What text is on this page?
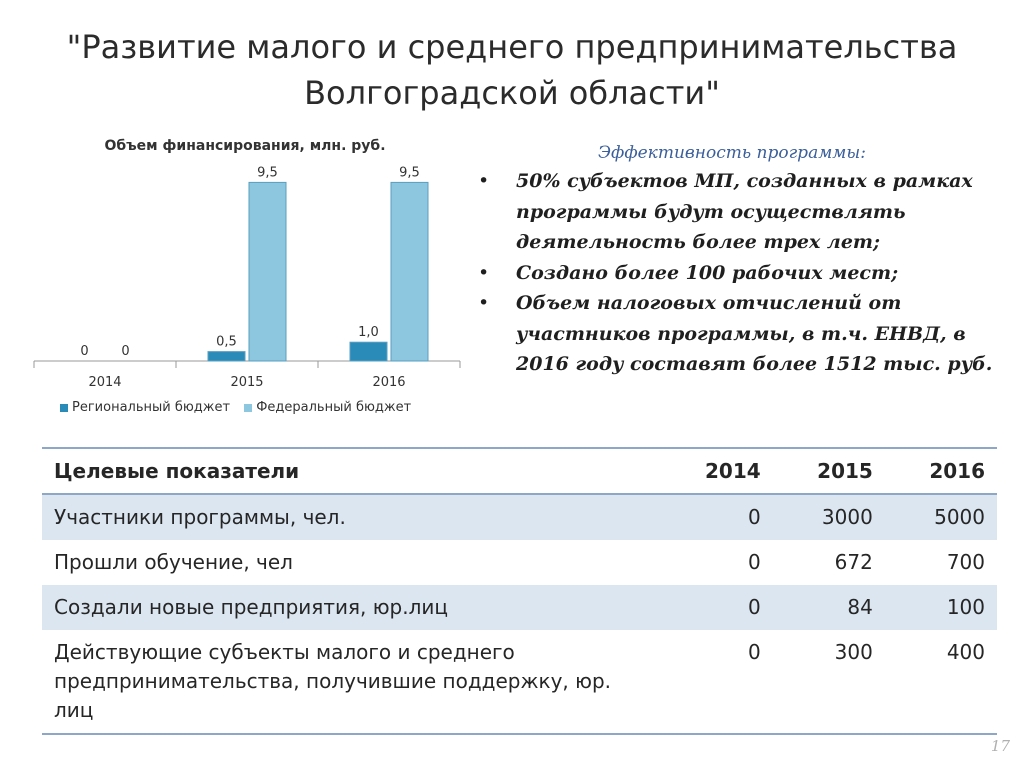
"Развитие малого и среднего предпринимательства
Волгоградской области"
Объем финансирования, млн. руб.
0	0
2014
0,5
9,5
2015
1,0
9,5
2016
Региональный бюджет Федеральный бюджет
Эффективность программы:
• 50% субъектов МП, созданных в рамках
программы будут осуществлять
деятельность более трех лет;
• Создано более 100 рабочих мест;
• Объем налоговых отчислений от
участников программы, в т.ч. ЕНВД, в
2016 году составят более 1512 тыс. руб.
Целевые показатели	2014	2015	2016
Участники программы, чел.	0	3000	5000
Прошли обучение, чел	0	672	700
Создали новые предприятия, юр.лиц	0	84	100

Действующие субъекты малого и среднего
предпринимательства, получившие поддержку, юр. лиц	0	300	400
17
